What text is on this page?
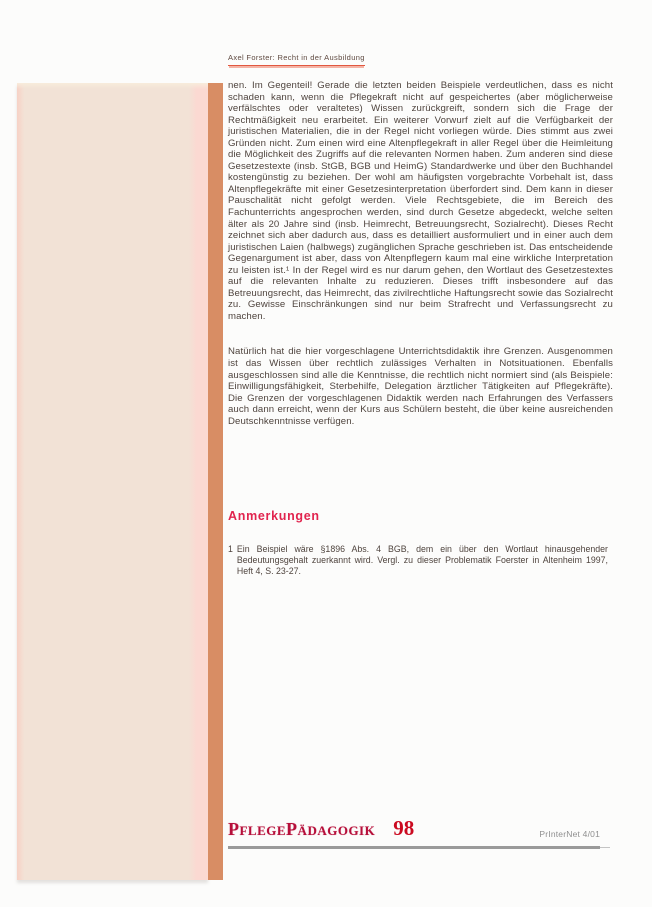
Axel Forster: Recht in der Ausbildung

nen. Im Gegenteil! Gerade die letzten beiden Beispiele verdeutlichen, dass es nicht schaden kann, wenn die Pflegekraft nicht auf gespeichertes (aber möglicherweise verfälschtes oder veraltetes) Wissen zurückgreift, sondern sich die Frage der Rechtmäßigkeit neu erarbeitet. Ein weiterer Vorwurf zielt auf die Verfügbarkeit der juristischen Materialien, die in der Regel nicht vorliegen würde. Dies stimmt aus zwei Gründen nicht. Zum einen wird eine Altenpflegekraft in aller Regel über die Heimleitung die Möglichkeit des Zugriffs auf die relevanten Normen haben. Zum anderen sind diese Gesetzestexte (insb. StGB, BGB und HeimG) Standardwerke und über den Buchhandel kostengünstig zu beziehen. Der wohl am häufigsten vorgebrachte Vorbehalt ist, dass Altenpflegekräfte mit einer Gesetzesinterpretation überfordert sind. Dem kann in dieser Pauschalität nicht gefolgt werden. Viele Rechtsgebiete, die im Bereich des Fachunterrichts angesprochen werden, sind durch Gesetze abgedeckt, welche selten älter als 20 Jahre sind (insb. Heimrecht, Betreuungsrecht, Sozialrecht). Dieses Recht zeichnet sich aber dadurch aus, dass es detailliert ausformuliert und in einer auch dem juristischen Laien (halbwegs) zugänglichen Sprache geschrieben ist. Das entscheidende Gegenargument ist aber, dass von Altenpflegern kaum mal eine wirkliche Interpretation zu leisten ist.¹ In der Regel wird es nur darum gehen, den Wortlaut des Gesetzestextes auf die relevanten Inhalte zu reduzieren. Dieses trifft insbesondere auf das Betreuungsrecht, das Heimrecht, das zivilrechtliche Haftungsrecht sowie das Sozialrecht zu. Gewisse Einschränkungen sind nur beim Strafrecht und Verfassungsrecht zu machen.

Natürlich hat die hier vorgeschlagene Unterrichtsdidaktik ihre Grenzen. Ausgenommen ist das Wissen über rechtlich zulässiges Verhalten in Notsituationen. Ebenfalls ausgeschlossen sind alle die Kenntnisse, die rechtlich nicht normiert sind (als Beispiele: Einwilligungsfähigkeit, Sterbehilfe, Delegation ärztlicher Tätigkeiten auf Pflegekräfte). Die Grenzen der vorgeschlagenen Didaktik werden nach Erfahrungen des Verfassers auch dann erreicht, wenn der Kurs aus Schülern besteht, die über keine ausreichenden Deutschkenntnisse verfügen.

Anmerkungen
1 Ein Beispiel wäre §1896 Abs. 4 BGB, dem ein über den Wortlaut hinausgehender Bedeutungsgehalt zuerkannt wird. Vergl. zu dieser Problematik Foerster in Altenheim 1997, Heft 4, S. 23-27.
PflegePädagogik 98	PrInterNet 4/01
